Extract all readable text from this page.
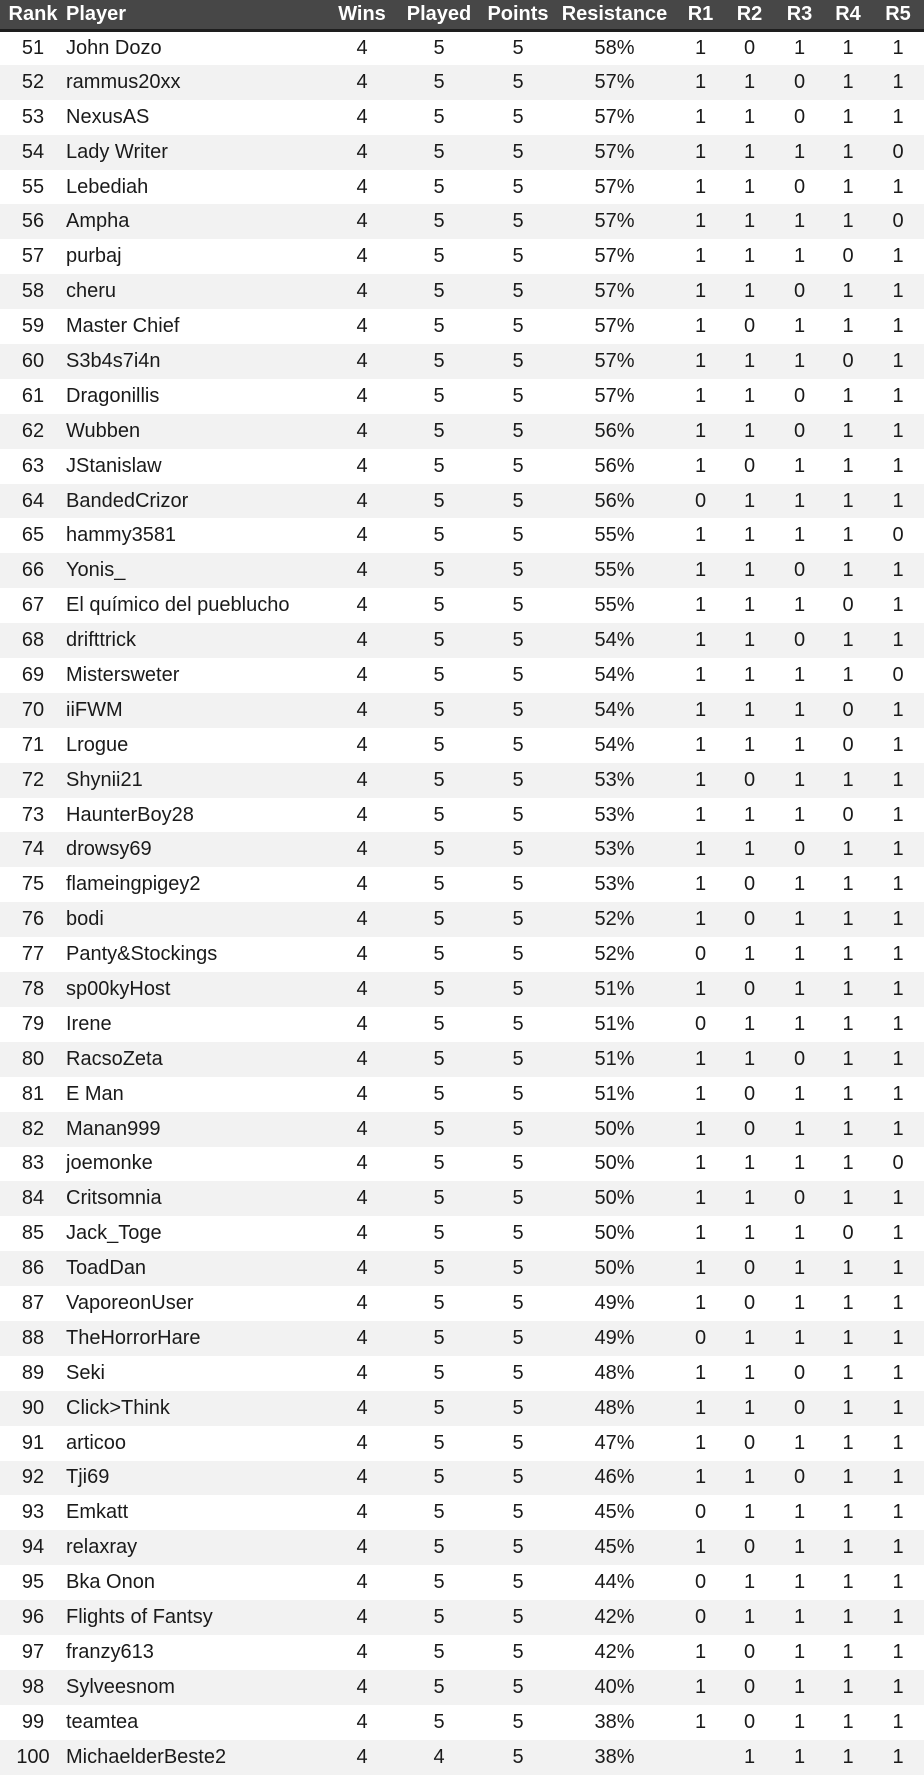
Rank	Player	Wins	Played	Points	Resistance	R1	R2	R3	R4	R5
51	John Dozo	4	5	5	58%	1	0	1	1	1
52	rammus20xx	4	5	5	57%	1	1	0	1	1
53	NexusAS	4	5	5	57%	1	1	0	1	1
54	Lady Writer	4	5	5	57%	1	1	1	1	0
55	Lebediah	4	5	5	57%	1	1	0	1	1
56	Ampha	4	5	5	57%	1	1	1	1	0
57	purbaj	4	5	5	57%	1	1	1	0	1
58	cheru	4	5	5	57%	1	1	0	1	1
59	Master Chief	4	5	5	57%	1	0	1	1	1
60	S3b4s7i4n	4	5	5	57%	1	1	1	0	1
61	Dragonillis	4	5	5	57%	1	1	0	1	1
62	Wubben	4	5	5	56%	1	1	0	1	1
63	JStanislaw	4	5	5	56%	1	0	1	1	1
64	BandedCrizor	4	5	5	56%	0	1	1	1	1
65	hammy3581	4	5	5	55%	1	1	1	1	0
66	Yonis_	4	5	5	55%	1	1	0	1	1
67	El químico del pueblucho	4	5	5	55%	1	1	1	0	1
68	drifttrick	4	5	5	54%	1	1	0	1	1
69	Mistersweter	4	5	5	54%	1	1	1	1	0
70	iiFWM	4	5	5	54%	1	1	1	0	1
71	Lrogue	4	5	5	54%	1	1	1	0	1
72	Shynii21	4	5	5	53%	1	0	1	1	1
73	HaunterBoy28	4	5	5	53%	1	1	1	0	1
74	drowsy69	4	5	5	53%	1	1	0	1	1
75	flameingpigey2	4	5	5	53%	1	0	1	1	1
76	bodi	4	5	5	52%	1	0	1	1	1
77	Panty&Stockings	4	5	5	52%	0	1	1	1	1
78	sp00kyHost	4	5	5	51%	1	0	1	1	1
79	Irene	4	5	5	51%	0	1	1	1	1
80	RacsoZeta	4	5	5	51%	1	1	0	1	1
81	E Man	4	5	5	51%	1	0	1	1	1
82	Manan999	4	5	5	50%	1	0	1	1	1
83	joemonke	4	5	5	50%	1	1	1	1	0
84	Critsomnia	4	5	5	50%	1	1	0	1	1
85	Jack_Toge	4	5	5	50%	1	1	1	0	1
86	ToadDan	4	5	5	50%	1	0	1	1	1
87	VaporeonUser	4	5	5	49%	1	0	1	1	1
88	TheHorrorHare	4	5	5	49%	0	1	1	1	1
89	Seki	4	5	5	48%	1	1	0	1	1
90	Click>Think	4	5	5	48%	1	1	0	1	1
91	articoo	4	5	5	47%	1	0	1	1	1
92	Tji69	4	5	5	46%	1	1	0	1	1
93	Emkatt	4	5	5	45%	0	1	1	1	1
94	relaxray	4	5	5	45%	1	0	1	1	1
95	Bka Onon	4	5	5	44%	0	1	1	1	1
96	Flights of Fantsy	4	5	5	42%	0	1	1	1	1
97	franzy613	4	5	5	42%	1	0	1	1	1
98	Sylveesnom	4	5	5	40%	1	0	1	1	1
99	teamtea	4	5	5	38%	1	0	1	1	1
100	MichaelderBeste2	4	4	5	38%		1	1	1	1
